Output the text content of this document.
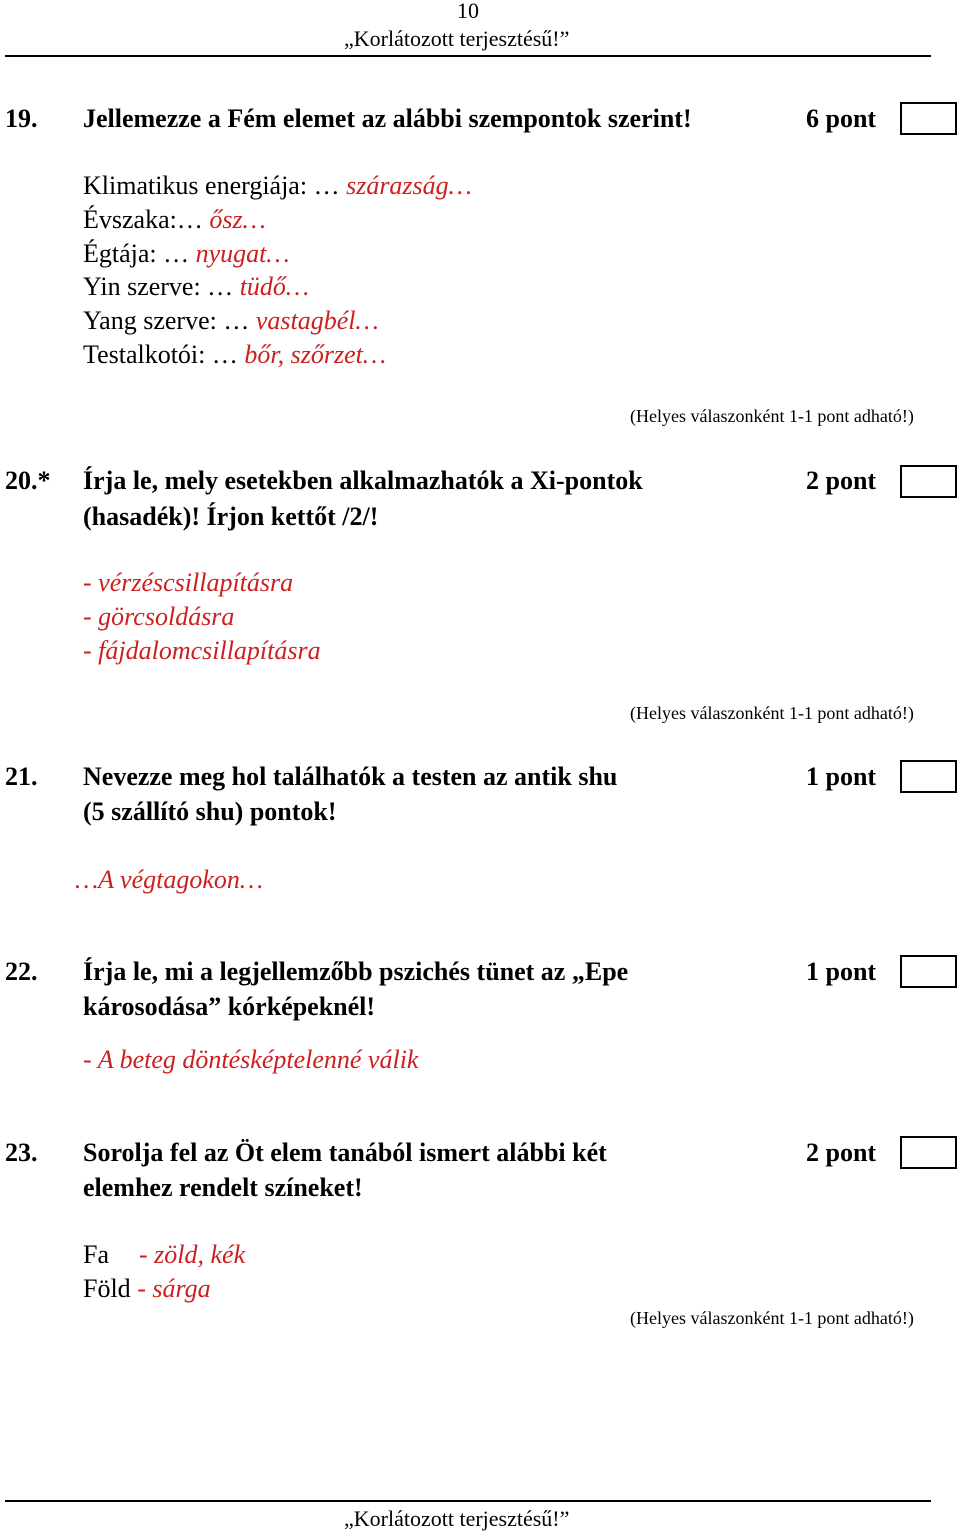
10
„Korlátozott terjesztésű!”
19. Jellemezze a Fém elemet az alábbi szempontok szerint!	6 pont
Klimatikus energiája: … szárazság…
Évszaka:… ősz…
Égtája: … nyugat…
Yin szerve: … tüdő…
Yang szerve: … vastagbél…
Testalkotói: … bőr, szőrzet…
(Helyes válaszonként 1-1 pont adható!)
20.* Írja le, mely esetekben alkalmazhatók a Xi-pontok
(hasadék)! Írjon kettőt /2/!
2 pont
- vérzéscsillapításra
- görcsoldásra
- fájdalomcsillapításra
(Helyes válaszonként 1-1 pont adható!)
21. Nevezze meg hol találhatók a testen az antik shu
(5 szállító shu) pontok!
1 pont
…A végtagokon…
22. Írja le, mi a legjellemzőbb pszichés tünet az „Epe
károsodása” kórképeknél!
1 pont
- A beteg döntésképtelenné válik
23. Sorolja fel az Öt elem tanából ismert alábbi két
elemhez rendelt színeket!
2 pont
Fa- zöld, kék
Föld - sárga
(Helyes válaszonként 1-1 pont adható!)
„Korlátozott terjesztésű!”
